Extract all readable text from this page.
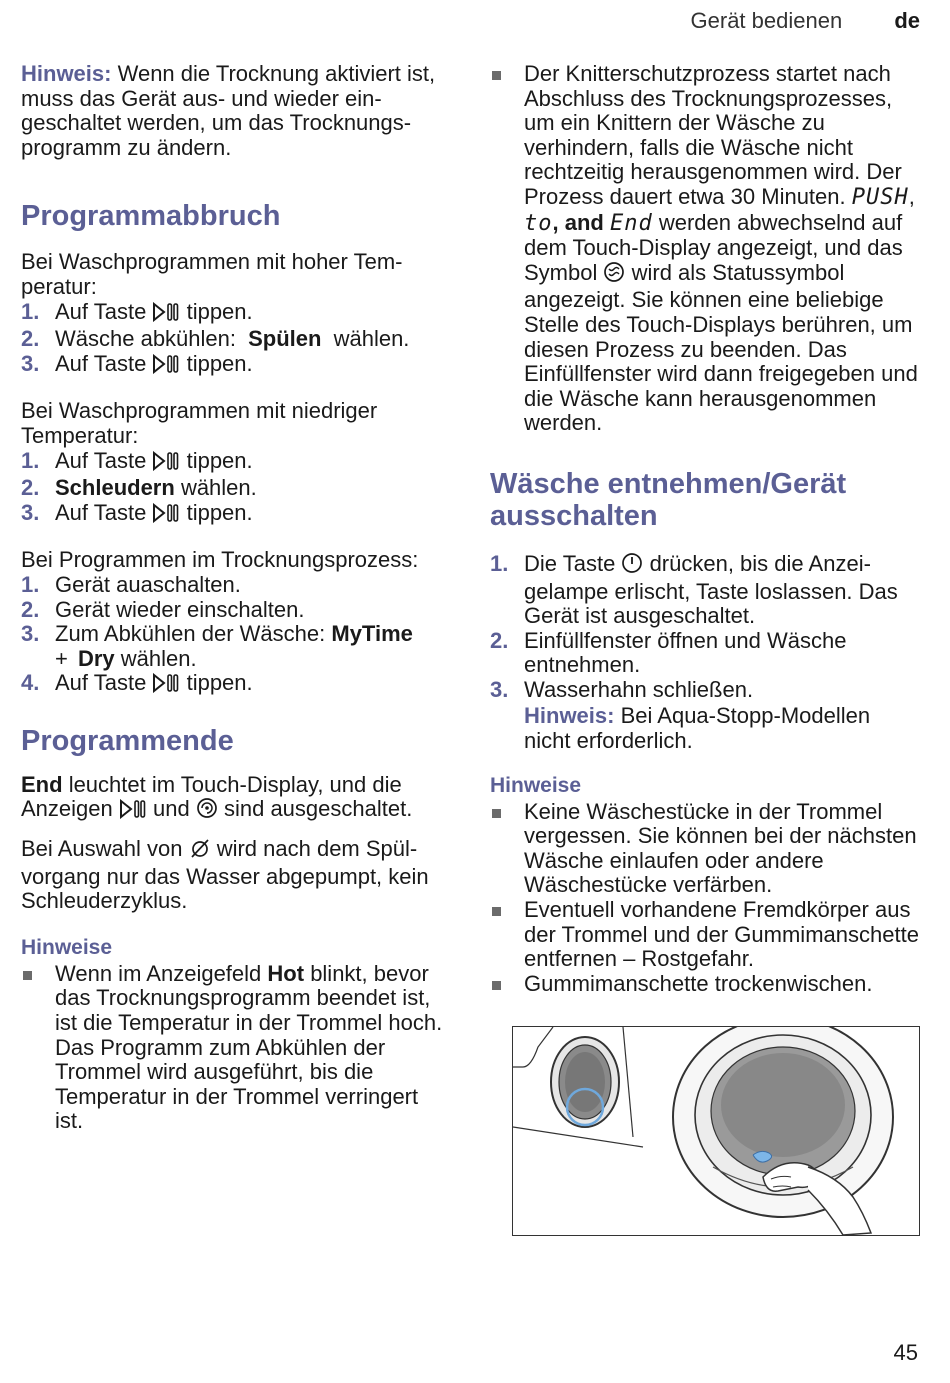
Gerät bedienen de

Hinweis: Wenn die Trocknung aktiviert ist, muss das Gerät aus- und wieder eingeschaltet werden, um das Trocknungsprogramm zu ändern.

Programmabbruch

Bei Waschprogrammen mit hoher Temperatur:

1. Auf Taste tippen.
2. Wäsche abkühlen: Spülen wählen.
3. Auf Taste tippen.

Bei Waschprogrammen mit niedriger Temperatur:

1. Auf Taste tippen.
2. Schleudern wählen.
3. Auf Taste tippen.

Bei Programmen im Trocknungsprozess:

1. Gerät auaschalten.
2. Gerät wieder einschalten.
3. Zum Abkühlen der Wäsche: MyTime
+ Dry wählen.
4. Auf Taste tippen.
Programmende

End leuchtet im Touch-Display, und die Anzeigen und sind ausgeschaltet.

Bei Auswahl von wird nach dem Spülvorgang nur das Wasser abgepumpt, kein Schleuderzyklus.

Hinweise
Wenn im Anzeigefeld Hot blinkt, bevor das Trocknungsprogramm beendet ist, ist die Temperatur in der Trommel hoch. Das Programm zum Abkühlen der Trommel wird ausgeführt, bis die Temperatur in der Trommel verringert ist.
Der Knitterschutzprozess startet nach Abschluss des Trocknungsprozesses, um ein Knittern der Wäsche zu verhindern, falls die Wäsche nicht rechtzeitig herausgenommen wird. Der Prozess dauert etwa 30 Minuten. PUSH, to, and End werden abwechselnd auf dem Touch-Display angezeigt, und das Symbol wird als Statussymbol angezeigt. Sie können eine beliebige Stelle des Touch-Displays berühren, um diesen Prozess zu beenden. Das Einfüllfenster wird dann freigegeben und die Wäsche kann herausgenommen werden.
Wäsche entnehmen/Gerät ausschalten
1. Die Taste drücken, bis die Anzeigelampe erlischt, Taste loslassen. Das Gerät ist ausgeschaltet.
2. Einfüllfenster öffnen und Wäsche entnehmen.
3. Wasserhahn schließen.
Hinweis: Bei Aqua-Stopp-Modellen nicht erforderlich.
Hinweise
Keine Wäschestücke in der Trommel vergessen. Sie können bei der nächsten Wäsche einlaufen oder andere Wäschestücke verfärben.
Eventuell vorhandene Fremdkörper aus der Trommel und der Gummimanschette entfernen – Rostgefahr.
Gummimanschette trockenwischen.
45
